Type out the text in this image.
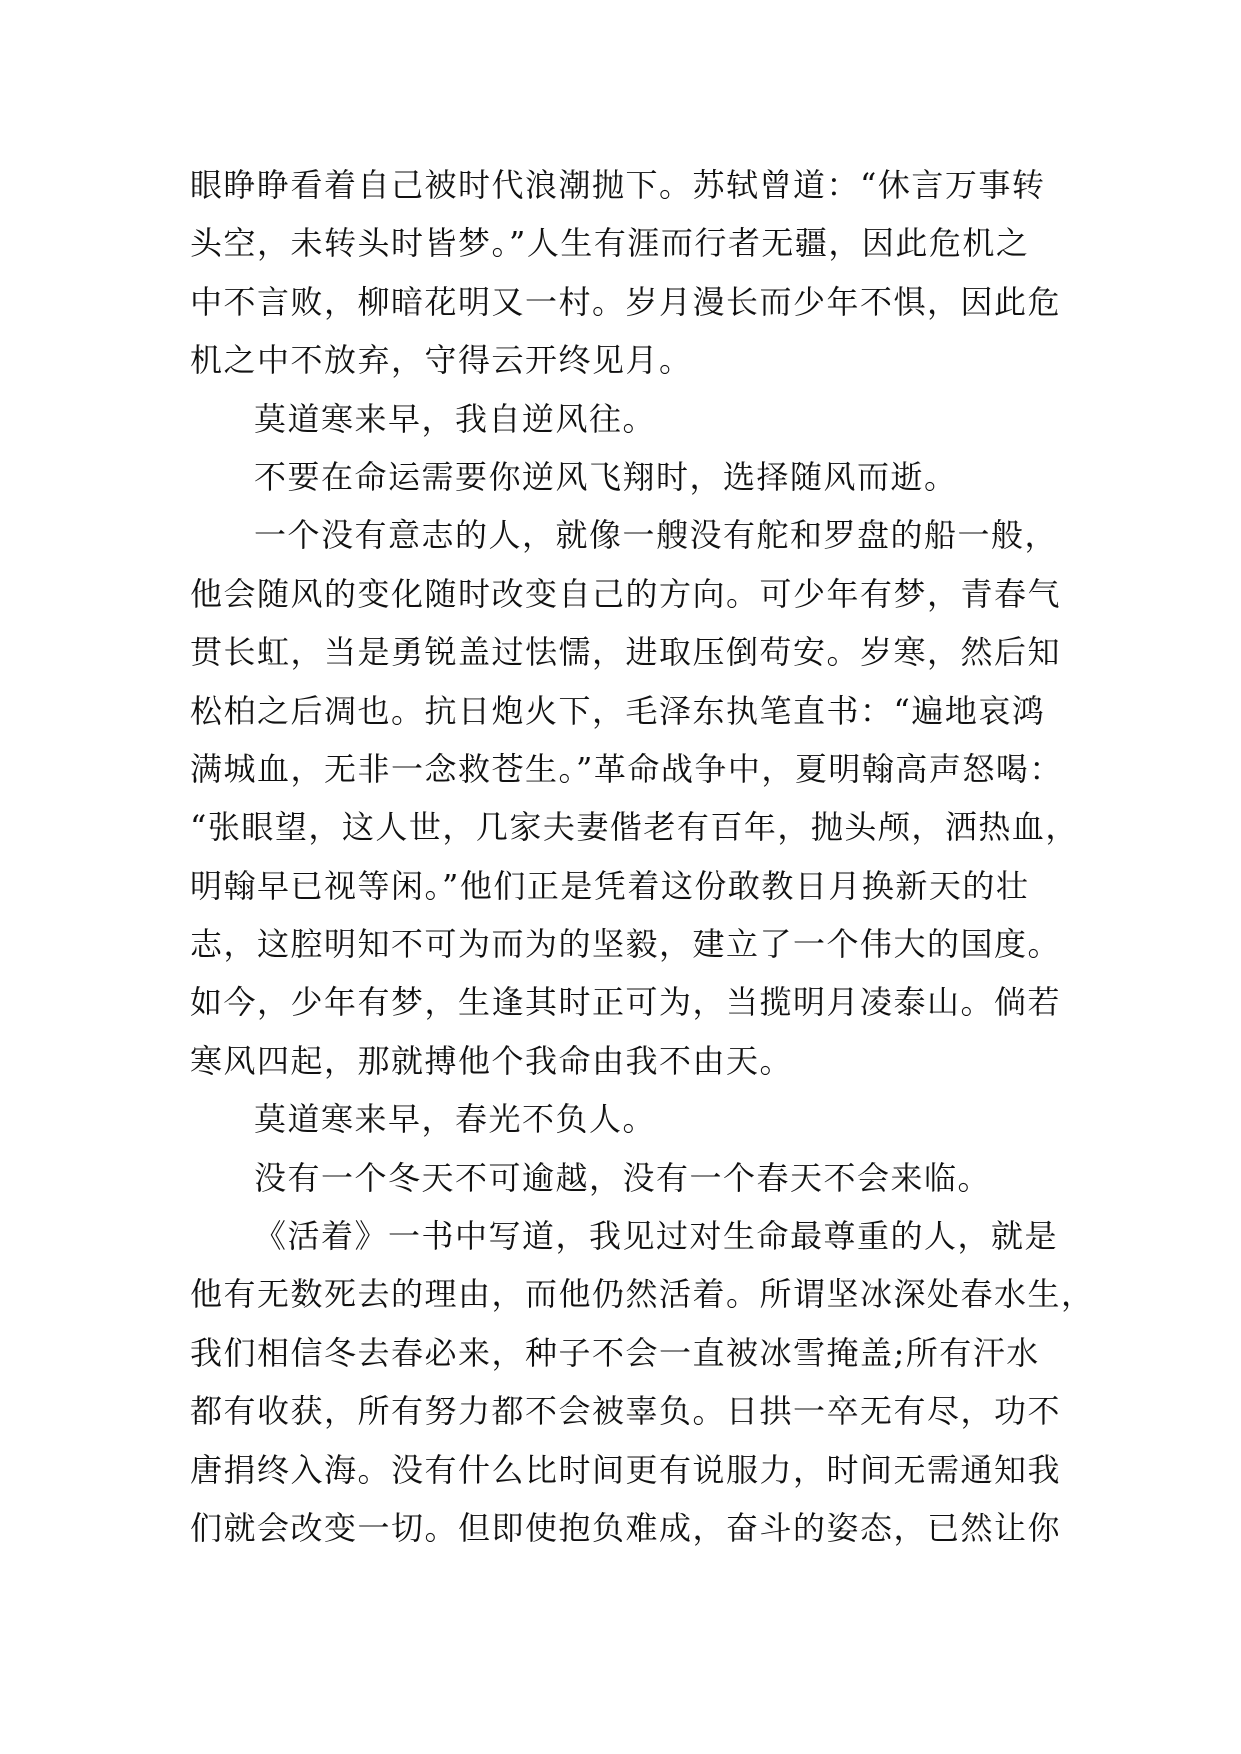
眼睁睁看着自己被时代浪潮抛下。苏轼曾道：“休言万事转
头空，未转头时皆梦。”人生有涯而行者无疆，因此危机之
中不言败，柳暗花明又一村。岁月漫长而少年不惧，因此危
机之中不放弃，守得云开终见月。
莫道寒来早，我自逆风往。
不要在命运需要你逆风飞翔时，选择随风而逝。
一个没有意志的人，就像一艘没有舵和罗盘的船一般，
他会随风的变化随时改变自己的方向。可少年有梦，青春气
贯长虹，当是勇锐盖过怯懦，进取压倒苟安。岁寒，然后知
松柏之后凋也。抗日炮火下，毛泽东执笔直书：“遍地哀鸿
满城血，无非一念救苍生。”革命战争中，夏明翰高声怒喝：
“张眼望，这人世，几家夫妻偕老有百年，抛头颅，洒热血，
明翰早已视等闲。”他们正是凭着这份敢教日月换新天的壮
志，这腔明知不可为而为的坚毅，建立了一个伟大的国度。
如今，少年有梦，生逢其时正可为，当揽明月凌泰山。倘若
寒风四起，那就搏他个我命由我不由天。
莫道寒来早，春光不负人。
没有一个冬天不可逾越，没有一个春天不会来临。
《活着》一书中写道，我见过对生命最尊重的人，就是
他有无数死去的理由，而他仍然活着。所谓坚冰深处春水生，
我们相信冬去春必来，种子不会一直被冰雪掩盖;所有汗水
都有收获，所有努力都不会被辜负。日拱一卒无有尽，功不
唐捐终入海。没有什么比时间更有说服力，时间无需通知我
们就会改变一切。但即使抱负难成，奋斗的姿态，已然让你
